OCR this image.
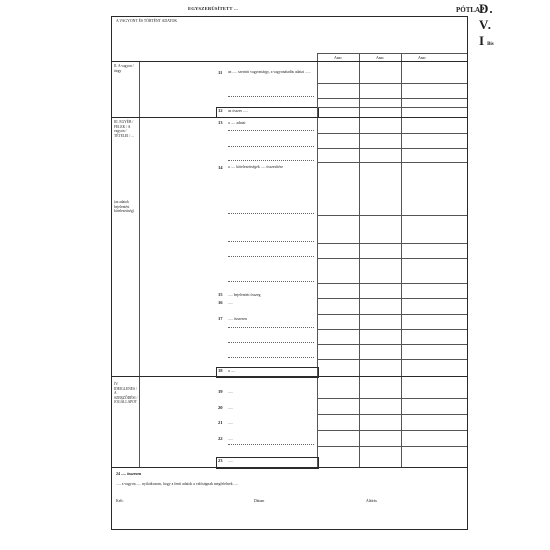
EGYSZERŰSÍTETT ...	PÓTLAP
D. V. I Bis
A VAGYONT ÉS TÖRTÉNT ADATOK
Ами	Ами	Ами
II. A vagyon / tárgy
III. EGYÉB / FELEK / A vagyon / TÉTELEI / ...
(az adatok bejelentési kötelezettség)
IV. IDEIGLENES / A SZERZŐDÉSI / JOGÁLLAPOT
11 az ..... szerinti vagyontárgy, a vagyonátadás adatai ......
12 az összes .....
13 a ..... adatai
14 a ..... kötelezettségek ..... összesítése
15 ..... bejelentett összeg
16 .....
17 ..... összesen
18 a .....
19 .....
20 .....
21 .....
22 .....
23 .....
24 ..... összesen
..... a vagyon ..... nyilatkozom, hogy a fenti adatok a valóságnak megfelelnek .....
Kelt:	Dátum	Aláírás
